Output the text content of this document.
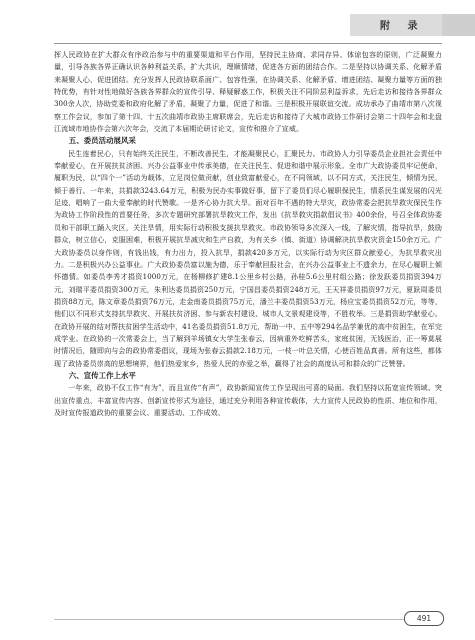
附 录

挥人民政协在扩大群众有序政治参与中的重要渠道和平台作用，坚持民主协商、求同存异、体谅包容的原则，广泛凝聚力量，引导各族各界正确认识各种利益关系，扩大共识，理顺情绪，促进各方面的团结合作。二是坚持以协调关系、化解矛盾来凝聚人心、促进团结。充分发挥人民政协联系面广、包容性强，在协调关系、化解矛盾、增进团结、凝聚力量等方面的独特优势，有针对性地做好各族各界群众的宣传引导、释疑解惑工作，积极关注不同阶层利益诉求，先后走访和接待各界群众300余人次，协助党委和政府化解了矛盾，凝聚了力量，促进了和谐。三是积极开展联谊交流。成功承办了曲靖市第八次视察工作会议，参加了第十四、十五次曲靖市政协主席联席会，先后走访和接待了大城市政协工作研讨会第二十四年会和北盘江流域市地协作会第六次年会，交流了本届期论研讨论文，宣传和推介了宣威。

五、委员活动展风采

民生连着民心，只有始终关注民生，不断改善民生，才能凝聚民心，汇聚民力。市政协人力引导委员企业担社会责任中奉献爱心，在开展扶贫济困、兴办公益事业中传承美德，在关注民生、促进和谐中展示形象。全市广大政协委员牢记使命，履职为民，以“四个一”活动为载体，立足岗位做贡献，创业致富献爱心，在不同领域，以不同方式，关注民生，倾情为民，倾于善行。一年来，共捐款3243.64万元，积极为民办实事做好事，留下了委员们尽心履职保民生，情系民生谋发展的闪光足迹，唱响了一曲大爱奉献的时代赞歌。一是齐心协力抗大旱。面对百年不遇的特大旱灾，政协常委会把抗旱救灾保民生作为政协工作阶段性的首要任务，多次专题研究部署抗旱救灾工作，发出《抗旱救灾捐款倡议书》400余份，号召全体政协委员和干部职工踊入灾区，关注旱情，用实际行动积极支援抗旱救灾。市政协领导多次深入一线，了解灾情，指导抗旱，鼓励群众，树立信心，克服困难，积极开展抗旱减灾和生产自救，为有关乡（镇、街道）协调解决抗旱救灾资金150余万元。广大政协委员以身作则，有钱出钱，有力出力，投入抗旱，捐款420多万元，以实际行动为灾区群众献爱心，为抗旱救灾出力。二是积极兴办公益事业。广大政协委员富以施为德，乐于奉献回报社会，在兴办公益事业上不遗余力，在尽心履职上倾怀德情。如委员李秀才捐资1000万元，在杨柳修扩建8.1公里乡村公路，孙桂5.6公里村组公路；徐发跃委员捐资394万元，刘瑞平委员捐资300万元，朱利达委员捐资250万元，宁国昌委员捐资248万元，王天祥委员捐资97万元，夏跃周委员捐资88万元，陈文章委员捐资76万元，走金南委员捐资75万元，潘兰丰委员捐资53万元，杨应宝委员捐资52万元，等等，他们以不同形式支持抗旱救灾、开展扶贫济困、参与新农村建设、城市人文景观建设等，不胜枚举。三是捐资助学献爱心。在政协开展的结对帮扶贫困学生活动中，41名委员捐资51.8万元，帮助一中、五中等294名品学兼优的高中贫困生，在军完成学业。在政协的一次常委会上，当了解到羊场镇女大学生张春云，因病重外吃鲜苦头，家庭贫困，无钱医治，正一筹莫展时情况后，随即向与会的政协常委倡议，现场为张春云捐款2.18万元，一枝一叶总关情，心使百姓品真善。所有这些，都体现了政协委员崇高的思想境界，他们热爱家乡，热爱人民的赤爱之举，赢得了社会的高度认可和群众的广泛赞誉。

六、宣传工作上水平

一年来，政协不仅工作“有为”，而且宣传“有声”，政协新闻宣传工作呈现出可喜的局面。我们坚持以拓宽宣传领域、突出宣传重点、丰富宣传内容、创新宣传形式为途径，通过充分利用各种宣传载体，大力宣传人民政协的性质、地位和作用，及时宣传报道政协的重要会议、重要活动、工作成效、

491
